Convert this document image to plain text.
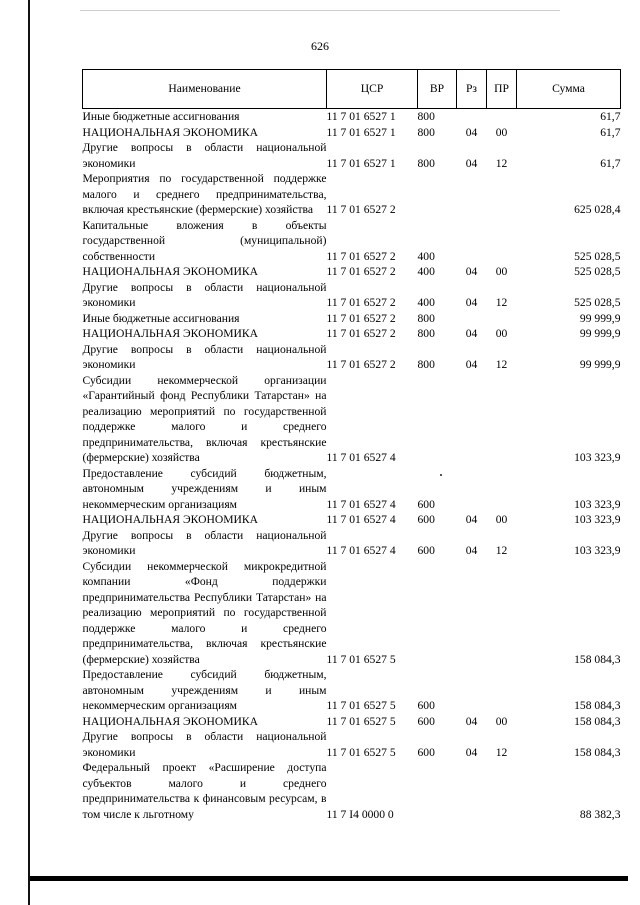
626
Наименование	ЦСР	ВР	Рз	ПР	Сумма
Иные бюджетные ассигнования	11 7 01 6527 1	800			61,7
НАЦИОНАЛЬНАЯ ЭКОНОМИКА	11 7 01 6527 1	800	04	00	61,7
Другие вопросы в области национальной экономики	11 7 01 6527 1	800	04	12	61,7
Мероприятия по государственной поддержке малого и среднего предпринимательства, включая крестьянские (фермерские) хозяйства	11 7 01 6527 2				625 028,4
Капитальные вложения в объекты государственной (муниципальной) собственности	11 7 01 6527 2	400			525 028,5
НАЦИОНАЛЬНАЯ ЭКОНОМИКА	11 7 01 6527 2	400	04	00	525 028,5
Другие вопросы в области национальной экономики	11 7 01 6527 2	400	04	12	525 028,5
Иные бюджетные ассигнования	11 7 01 6527 2	800			99 999,9
НАЦИОНАЛЬНАЯ ЭКОНОМИКА	11 7 01 6527 2	800	04	00	99 999,9
Другие вопросы в области национальной экономики	11 7 01 6527 2	800	04	12	99 999,9
Субсидии некоммерческой организации «Гарантийный фонд Республики Татарстан» на реализацию мероприятий по государственной поддержке малого и среднего предпринимательства, включая крестьянские (фермерские) хозяйства	11 7 01 6527 4				103 323,9
Предоставление субсидий бюджетным, автономным учреждениям и иным некоммерческим организациям	11 7 01 6527 4	600			103 323,9
НАЦИОНАЛЬНАЯ ЭКОНОМИКА	11 7 01 6527 4	600	04	00	103 323,9
Другие вопросы в области национальной экономики	11 7 01 6527 4	600	04	12	103 323,9
Субсидии некоммерческой микрокредитной компании «Фонд поддержки предпринимательства Республики Татарстан» на реализацию мероприятий по государственной поддержке малого и среднего предпринимательства, включая крестьянские (фермерские) хозяйства	11 7 01 6527 5				158 084,3
Предоставление субсидий бюджетным, автономным учреждениям и иным некоммерческим организациям	11 7 01 6527 5	600			158 084,3
НАЦИОНАЛЬНАЯ ЭКОНОМИКА	11 7 01 6527 5	600	04	00	158 084,3
Другие вопросы в области национальной экономики	11 7 01 6527 5	600	04	12	158 084,3
Федеральный проект «Расширение доступа субъектов малого и среднего предпринимательства к финансовым ресурсам, в том числе к льготному	11 7 I4 0000 0				88 382,3
